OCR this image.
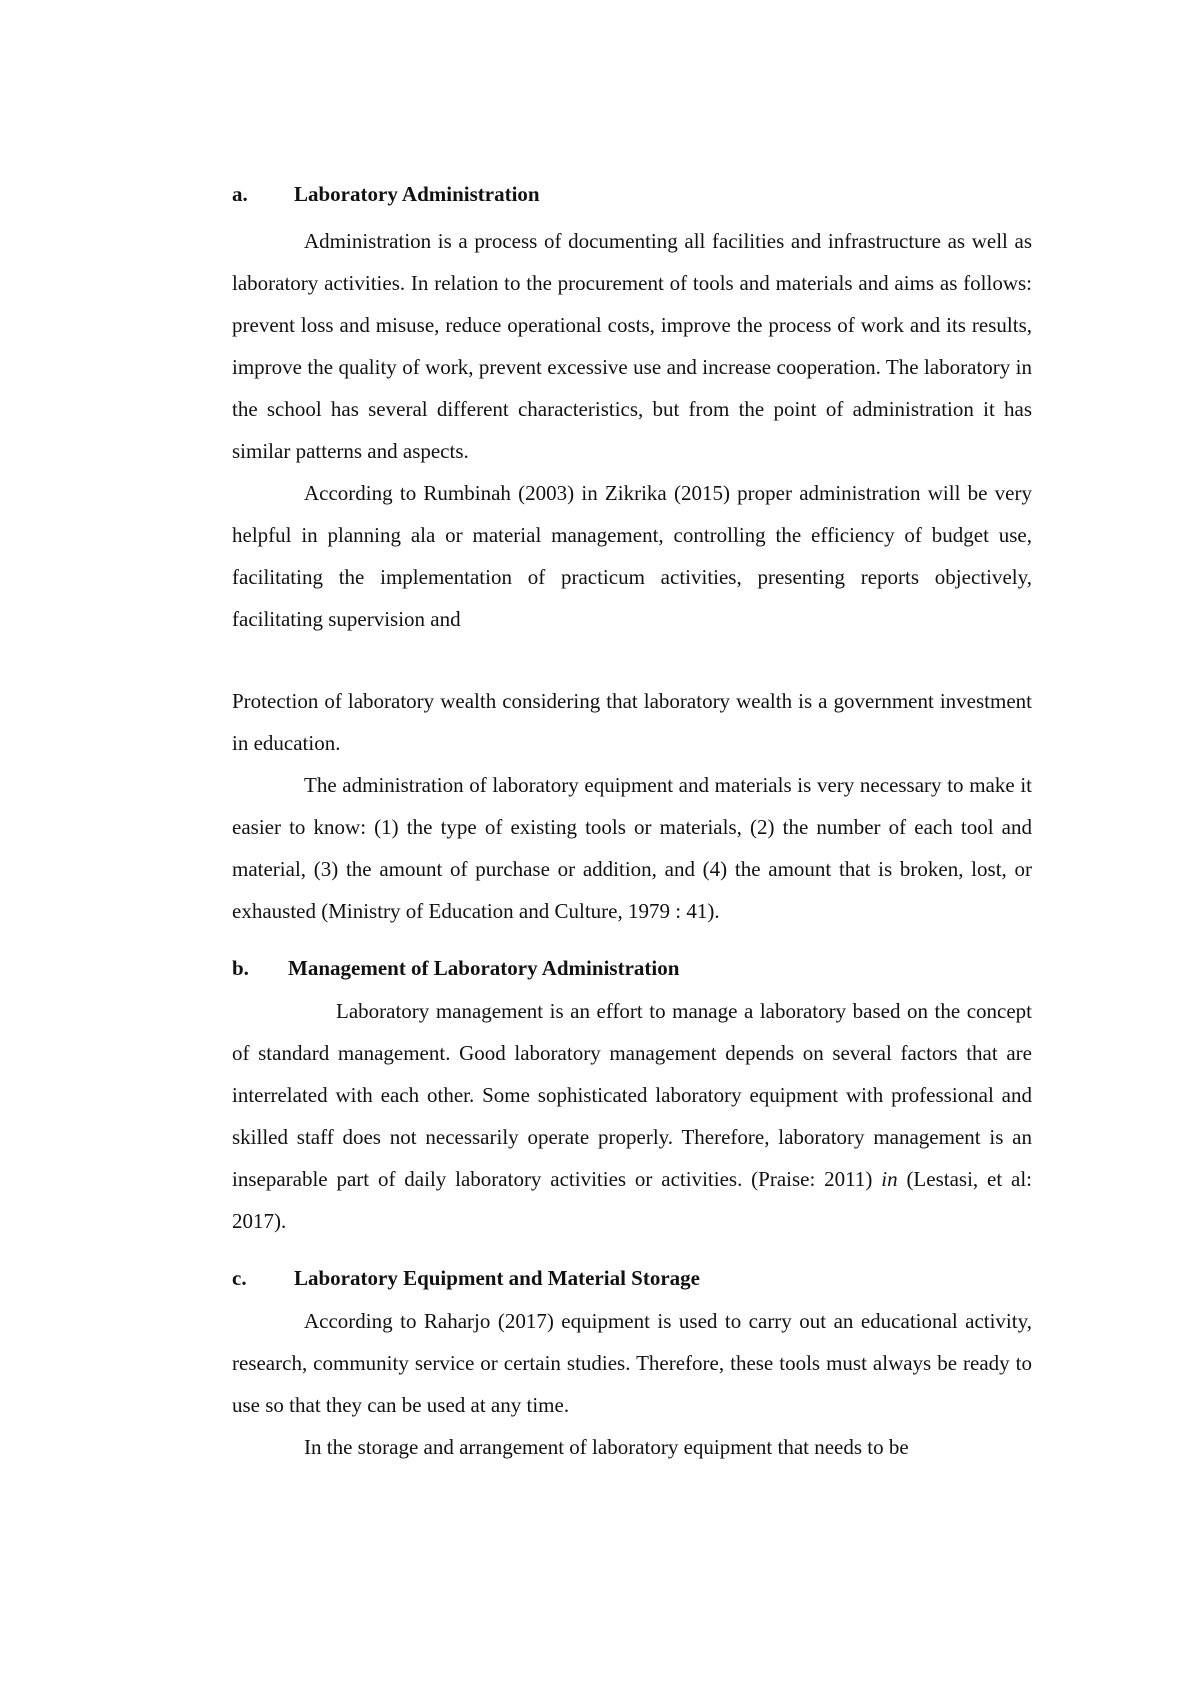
a.	Laboratory Administration

Administration is a process of documenting all facilities and infrastructure as well as laboratory activities. In relation to the procurement of tools and materials and aims as follows: prevent loss and misuse, reduce operational costs, improve the process of work and its results, improve the quality of work, prevent excessive use and increase cooperation. The laboratory in the school has several different characteristics, but from the point of administration it has similar patterns and aspects.

According to Rumbinah (2003) in Zikrika (2015) proper administration will be very helpful in planning ala or material management, controlling the efficiency of budget use, facilitating the implementation of practicum activities, presenting reports objectively, facilitating supervision and

Protection of laboratory wealth considering that laboratory wealth is a government investment in education.

The administration of laboratory equipment and materials is very necessary to make it easier to know: (1) the type of existing tools or materials, (2) the number of each tool and material, (3) the amount of purchase or addition, and (4) the amount that is broken, lost, or exhausted (Ministry of Education and Culture, 1979 : 41).

b.	Management of Laboratory Administration

Laboratory management is an effort to manage a laboratory based on the concept of standard management. Good laboratory management depends on several factors that are interrelated with each other. Some sophisticated laboratory equipment with professional and skilled staff does not necessarily operate properly. Therefore, laboratory management is an inseparable part of daily laboratory activities or activities. (Praise: 2011) in (Lestasi, et al: 2017).

c.	Laboratory Equipment and Material Storage

According to Raharjo (2017) equipment is used to carry out an educational activity, research, community service or certain studies. Therefore, these tools must always be ready to use so that they can be used at any time.

In the storage and arrangement of laboratory equipment that needs to be
